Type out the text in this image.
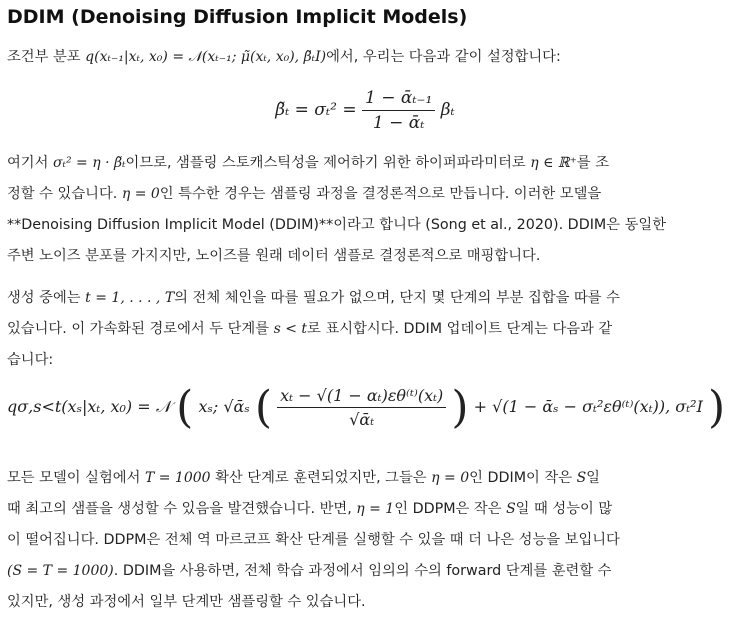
DDIM (Denoising Diffusion Implicit Models)

조건부 분포 q(xₜ₋₁|xₜ, x₀) = 𝒩(xₜ₋₁; μ̃(xₜ, x₀), β̃ₜI)에서, 우리는 다음과 같이 설정합니다:

β̃ₜ = $\sigma_t^2 = \frac{\text{1 − ᾱₜ₋₁}}{\text{1 − ᾱₜ}}$ βₜ
여기서 σₜ² = η · β̃ₜ이므로, 샘플링 스토캐스틱성을 제어하기 위한 하이퍼파라미터로 η ∈ ℝ⁺를 조
정할 수 있습니다. η = 0인 특수한 경우는 샘플링 과정을 결정론적으로 만듭니다. 이러한 모델을
**Denoising Diffusion Implicit Model (DDIM)**이라고 합니다 (Song et al., 2020). DDIM은 동일한
주변 노이즈 분포를 가지지만, 노이즈를 원래 데이터 샘플로 결정론적으로 매핑합니다.
생성 중에는 t = 1, . . . , T의 전체 체인을 따를 필요가 없으며, 단지 몇 단계의 부분 집합을 따를 수
있습니다. 이 가속화된 경로에서 두 단계를 s < t로 표시합시다. DDIM 업데이트 단계는 다음과 같
습니다:
qσ,s<t(xₛ|xₜ, x₀) = 𝒩 ( xₛ; √ᾱₛ ( $\frac{\text{xₜ − √(1 − αₜ)εθ⁽ᵗ⁾(xₜ)}}{\text{√ᾱₜ}}$ ) + √(1 − ᾱₛ − σₜ²εθ⁽ᵗ⁾(xₜ)), σₜ²I )
모든 모델이 실험에서 T = 1000 확산 단계로 훈련되었지만, 그들은 η = 0인 DDIM이 작은 S일
때 최고의 샘플을 생성할 수 있음을 발견했습니다. 반면, η = 1인 DDPM은 작은 S일 때 성능이 많
이 떨어집니다. DDPM은 전체 역 마르코프 확산 단계를 실행할 수 있을 때 더 나은 성능을 보입니다
(S = T = 1000). DDIM을 사용하면, 전체 학습 과정에서 임의의 수의 forward 단계를 훈련할 수
있지만, 생성 과정에서 일부 단계만 샘플링할 수 있습니다.
